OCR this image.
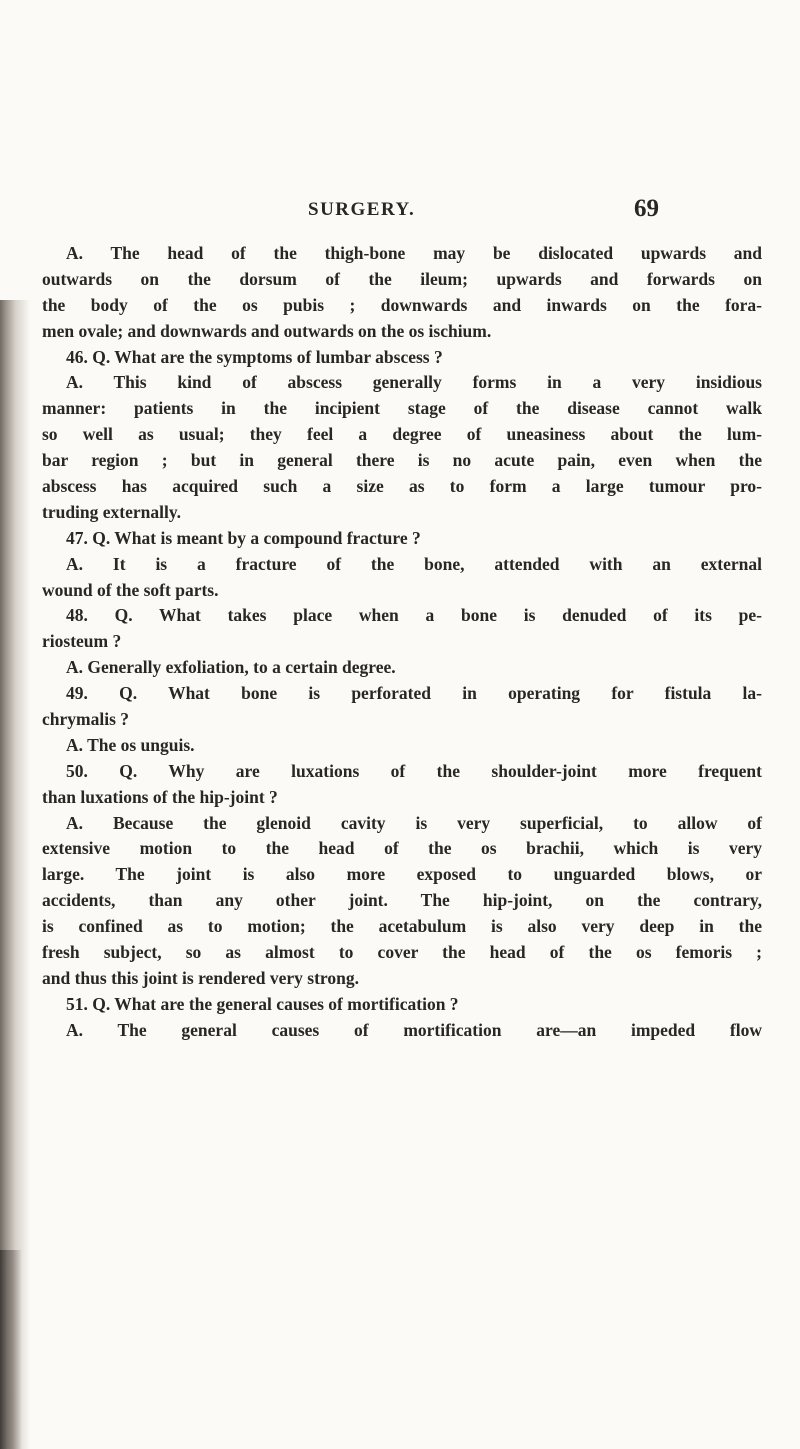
SURGERY.	69
A. The head of the thigh-bone may be dislocated upwards and
outwards on the dorsum of the ileum; upwards and forwards on
the body of the os pubis ; downwards and inwards on the fora-
men ovale; and downwards and outwards on the os ischium.
46. Q. What are the symptoms of lumbar abscess ?
A. This kind of abscess generally forms in a very insidious
manner: patients in the incipient stage of the disease cannot walk
so well as usual; they feel a degree of uneasiness about the lum-
bar region ; but in general there is no acute pain, even when the
abscess has acquired such a size as to form a large tumour pro-
truding externally.
47. Q. What is meant by a compound fracture ?
A. It is a fracture of the bone, attended with an external
wound of the soft parts.
48. Q. What takes place when a bone is denuded of its pe-
riosteum ?
A. Generally exfoliation, to a certain degree.
49. Q. What bone is perforated in operating for fistula la-
chrymalis ?
A. The os unguis.
50. Q. Why are luxations of the shoulder-joint more frequent
than luxations of the hip-joint ?
A. Because the glenoid cavity is very superficial, to allow of
extensive motion to the head of the os brachii, which is very
large. The joint is also more exposed to unguarded blows, or
accidents, than any other joint. The hip-joint, on the contrary,
is confined as to motion; the acetabulum is also very deep in the
fresh subject, so as almost to cover the head of the os femoris ;
and thus this joint is rendered very strong.
51. Q. What are the general causes of mortification ?
A. The general causes of mortification are—an impeded flow
